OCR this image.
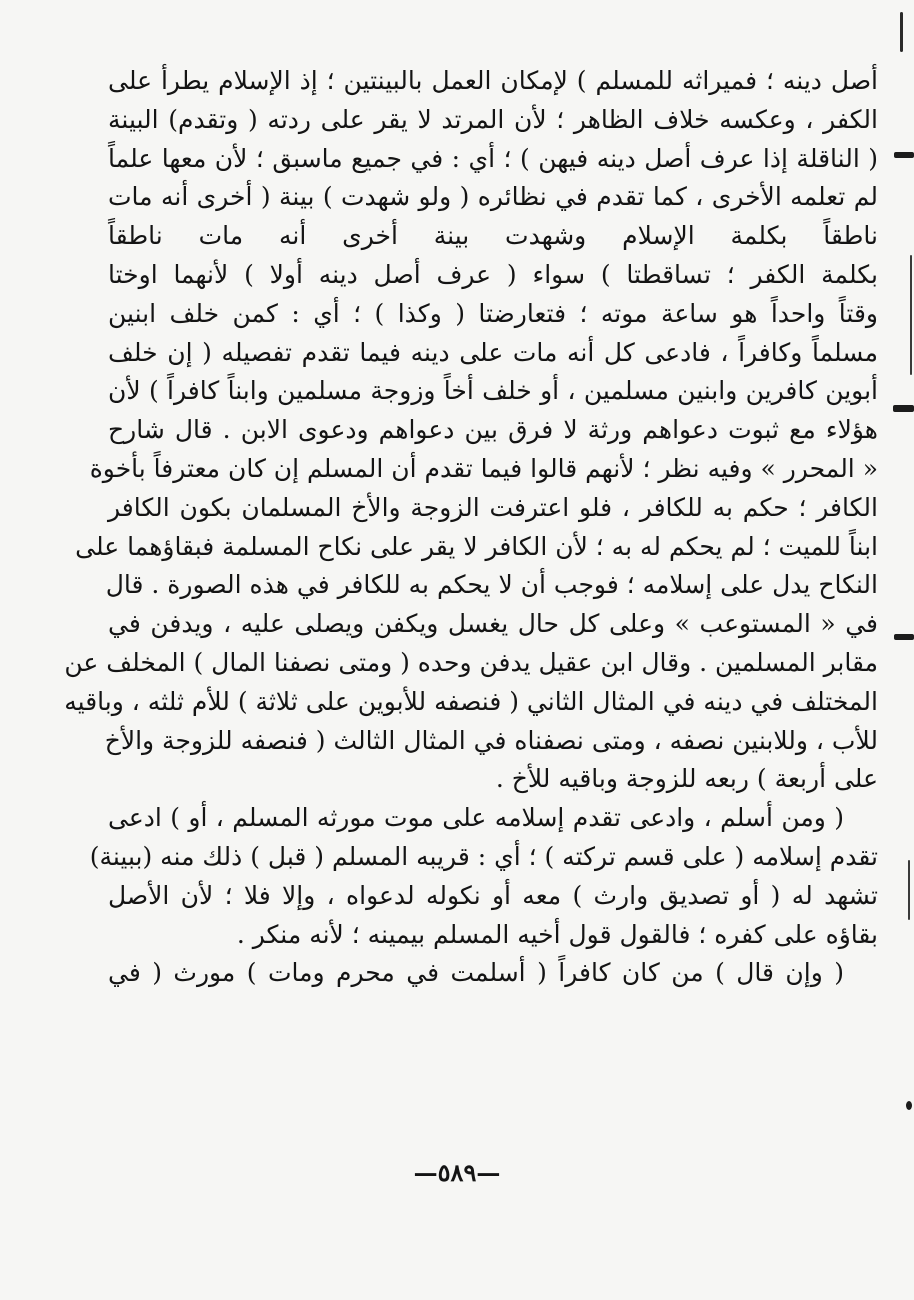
أصل دينه ؛ فميراثه للمسلم ) لإمكان العمل بالبينتين ؛ إذ الإسلام يطرأ على
الكفر ، وعكسه خلاف الظاهر ؛ لأن المرتد لا يقر على ردته ( وتقدم) البينة
( الناقلة إذا عرف أصل دينه فيهن ) ؛ أي : في جميع ماسبق ؛ لأن معها علماً
لم تعلمه الأخرى ، كما تقدم في نظائره ( ولو شهدت ) بينة ( أخرى أنه مات
ناطقاً بكلمة الإسلام وشهدت بينة أخرى أنه مات ناطقاً
بكلمة الكفر ؛ تساقطتا ) سواء ( عرف أصل دينه أولا ) لأنهما اوختا
وقتاً واحداً هو ساعة موته ؛ فتعارضتا ( وكذا ) ؛ أي : كمن خلف ابنين
مسلماً وكافراً ، فادعى كل أنه مات على دينه فيما تقدم تفصيله ( إن خلف
أبوين كافرين وابنين مسلمين ، أو خلف أخاً وزوجة مسلمين وابناً كافراً ) لأن
هؤلاء مع ثبوت دعواهم ورثة لا فرق بين دعواهم ودعوى الابن . قال شارح
« المحرر » وفيه نظر ؛ لأنهم قالوا فيما تقدم أن المسلم إن كان معترفاً بأخوة
الكافر ؛ حكم به للكافر ، فلو اعترفت الزوجة والأخ المسلمان بكون الكافر
ابناً للميت ؛ لم يحكم له به ؛ لأن الكافر لا يقر على نكاح المسلمة فبقاؤهما على
النكاح يدل على إسلامه ؛ فوجب أن لا يحكم به للكافر في هذه الصورة . قال
في « المستوعب » وعلى كل حال يغسل ويكفن ويصلى عليه ، ويدفن في
مقابر المسلمين . وقال ابن عقيل يدفن وحده ( ومتى نصفنا المال ) المخلف عن
المختلف في دينه في المثال الثاني ( فنصفه للأبوين على ثلاثة ) للأم ثلثه ، وباقيه
للأب ، وللابنين نصفه ، ومتى نصفناه في المثال الثالث ( فنصفه للزوجة والأخ
على أربعة ) ربعه للزوجة وباقيه للأخ .
( ومن أسلم ، وادعى تقدم إسلامه على موت مورثه المسلم ، أو ) ادعى
تقدم إسلامه ( على قسم تركته ) ؛ أي : قريبه المسلم ( قبل ) ذلك منه (ببينة)
تشهد له ( أو تصديق وارث ) معه أو نكوله لدعواه ، وإلا فلا ؛ لأن الأصل
بقاؤه على كفره ؛ فالقول قول أخيه المسلم بيمينه ؛ لأنه منكر .
( وإن قال ) من كان كافراً ( أسلمت في محرم ومات ) مورث ( في
—٥٨٩—
